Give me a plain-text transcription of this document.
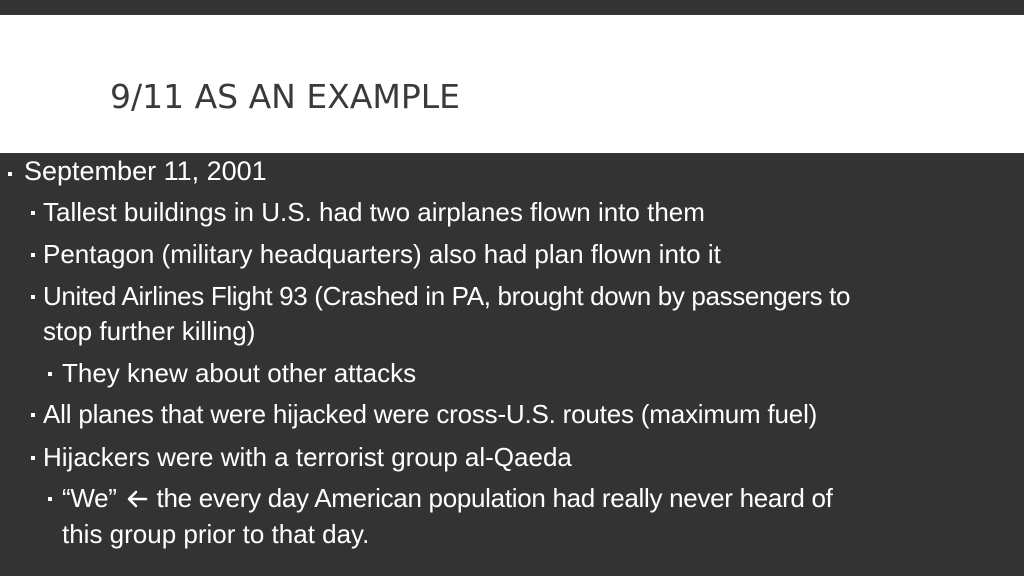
9/11 AS AN EXAMPLE
September 11, 2001
Tallest buildings in U.S. had two airplanes flown into them
Pentagon (military headquarters) also had plan flown into it
United Airlines Flight 93 (Crashed in PA, brought down by passengers to
stop further killing)
They knew about other attacks
All planes that were hijacked were cross-U.S. routes (maximum fuel)
Hijackers were with a terrorist group al-Qaeda
“We” the every day American population had really never heard of
this group prior to that day.
